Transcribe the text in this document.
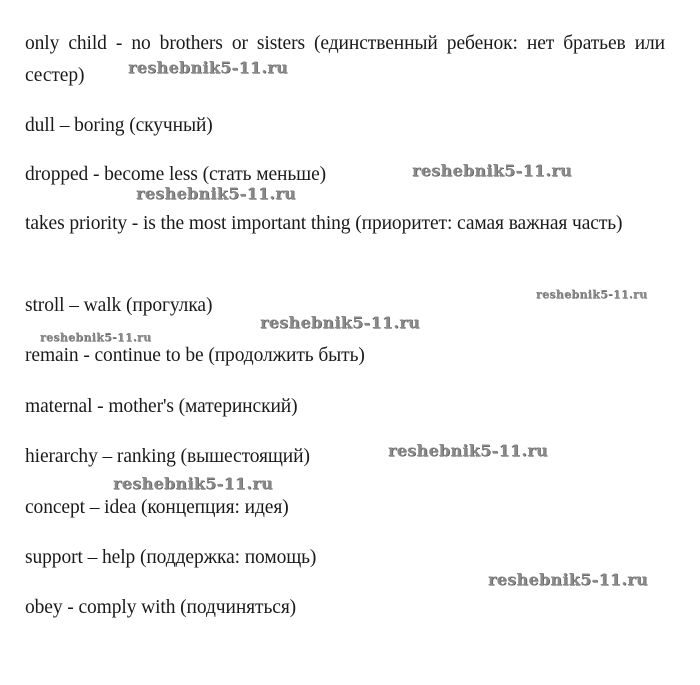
only child - no brothers or sisters (единственный ребенок: нет братьев или сестер)
dull – boring (скучный)
dropped - become less (стать меньше)
takes priority - is the most important thing (приоритет: самая важная часть)
stroll – walk (прогулка)
remain - continue to be (продолжить быть)
maternal - mother's (материнский)
hierarchy – ranking (вышестоящий)
concept – idea (концепция: идея)
support – help (поддержка: помощь)
obey - comply with (подчиняться)
reshebnik5-11.ru
reshebnik5-11.ru
reshebnik5-11.ru
reshebnik5-11.ru
reshebnik5-11.ru
reshebnik5-11.ru
reshebnik5-11.ru
reshebnik5-11.ru
reshebnik5-11.ru
